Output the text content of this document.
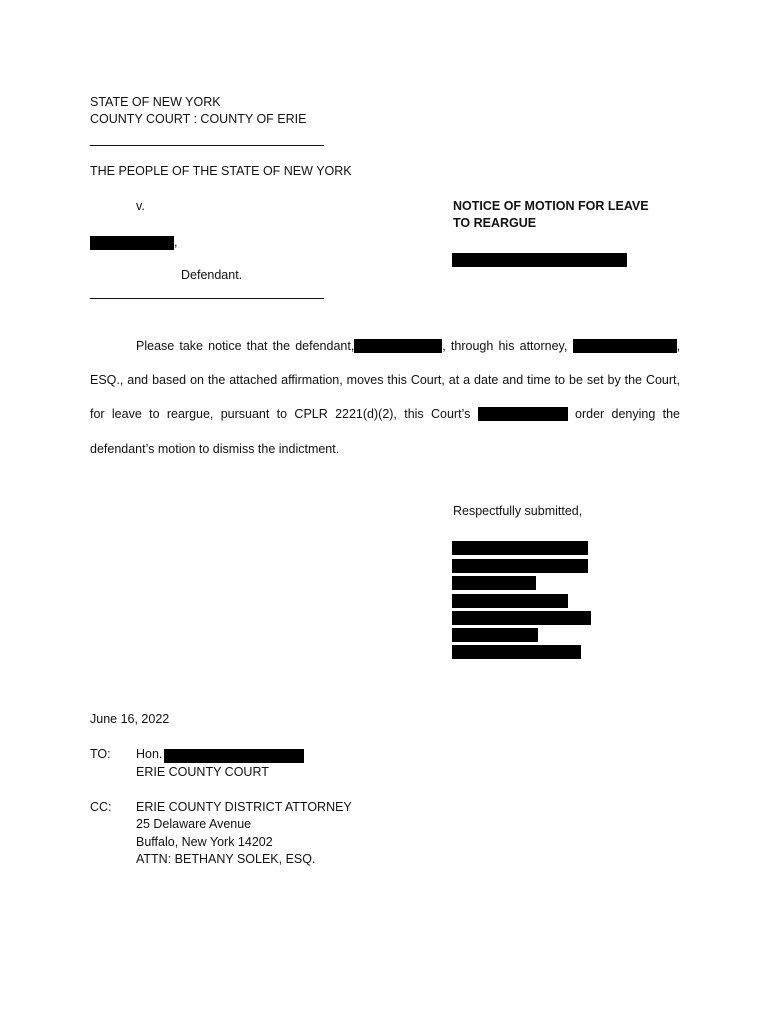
STATE OF NEW YORK
COUNTY COURT : COUNTY OF ERIE
THE PEOPLE OF THE STATE OF NEW YORK
v.
,
Defendant.
NOTICE OF MOTION FOR LEAVE
TO REARGUE
Please take notice that the defendant,	, through his attorney,	,
ESQ., and based on the attached affirmation, moves this Court, at a date and time to be set by the Court,
for leave to reargue, pursuant to CPLR 2221(d)(2), this Court’s	order denying the
defendant’s motion to dismiss the indictment.
Respectfully submitted,
June 16, 2022
TO: Hon.
ERIE COUNTY COURT
CC: ERIE COUNTY DISTRICT ATTORNEY
25 Delaware Avenue
Buffalo, New York 14202
ATTN: BETHANY SOLEK, ESQ.
